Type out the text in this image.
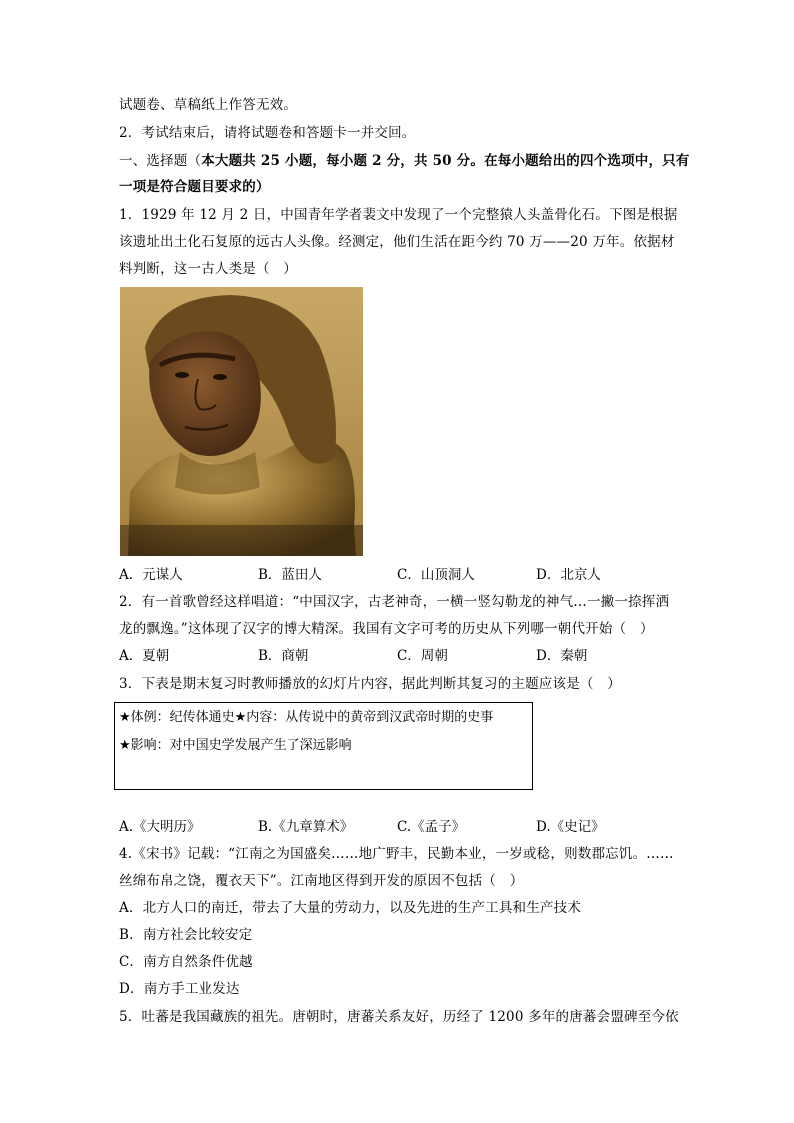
试题卷、草稿纸上作答无效。
2．考试结束后，请将试题卷和答题卡一并交回。
一、选择题（本大题共 25 小题，每小题 2 分，共 50 分。在每小题给出的四个选项中，只有
一项是符合题目要求的）
1．1929 年 12 月 2 日，中国青年学者裴文中发现了一个完整猿人头盖骨化石。下图是根据
该遗址出土化石复原的远古人头像。经测定，他们生活在距今约 70 万——20 万年。依据材
料判断，这一古人类是（　）
A．元谋人	B．蓝田人	C．山顶洞人	D．北京人
2．有一首歌曾经这样唱道：“中国汉字，古老神奇，一横一竖勾勒龙的神气…一撇一捺挥洒
龙的飘逸。”这体现了汉字的博大精深。我国有文字可考的历史从下列哪一朝代开始（　）
A．夏朝	B．商朝	C．周朝	D．秦朝
3．下表是期末复习时教师播放的幻灯片内容，据此判断其复习的主题应该是（　）
★体例：纪传体通史★内容：从传说中的黄帝到汉武帝时期的史事
★影响：对中国史学发展产生了深远影响
A.《大明历》	B.《九章算术》	C.《孟子》	D.《史记》
4.《宋书》记载：“江南之为国盛矣……地广野丰，民勤本业，一岁或稔，则数郡忘饥。……
丝绵布帛之饶，覆衣天下”。江南地区得到开发的原因不包括（　）
A．北方人口的南迁，带去了大量的劳动力，以及先进的生产工具和生产技术
B．南方社会比较安定
C．南方自然条件优越
D．南方手工业发达
5．吐蕃是我国藏族的祖先。唐朝时，唐蕃关系友好，历经了 1200 多年的唐蕃会盟碑至今依
